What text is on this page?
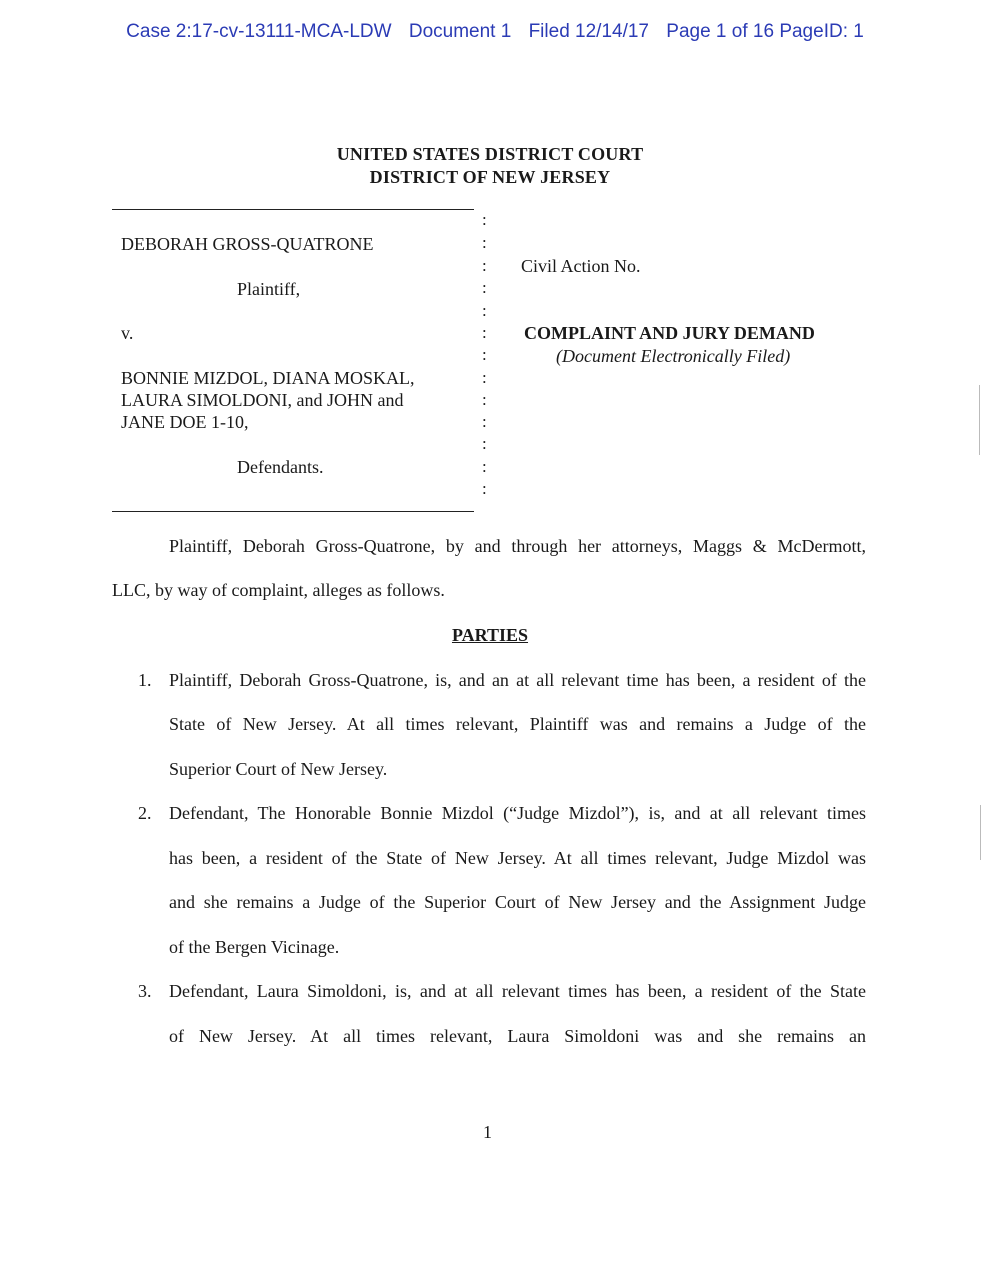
Case 2:17-cv-13111-MCA-LDW Document 1 Filed 12/14/17 Page 1 of 16 PageID: 1
UNITED STATES DISTRICT COURT
DISTRICT OF NEW JERSEY
DEBORAH GROSS-QUATRONE
Plaintiff,
v.
BONNIE MIZDOL, DIANA MOSKAL,
LAURA SIMOLDONI, and JOHN and
JANE DOE 1-10,
Defendants.
:
:
:
:
:
:
:
:
:
:
:
:
:
Civil Action No.
COMPLAINT AND JURY DEMAND
(Document Electronically Filed)
Plaintiff, Deborah Gross-Quatrone, by and through her attorneys, Maggs & McDermott,
LLC, by way of complaint, alleges as follows.
PARTIES
1. Plaintiff, Deborah Gross-Quatrone, is, and an at all relevant time has been, a resident of the
State of New Jersey. At all times relevant, Plaintiff was and remains a Judge of the
Superior Court of New Jersey.
2. Defendant, The Honorable Bonnie Mizdol (“Judge Mizdol”), is, and at all relevant times
has been, a resident of the State of New Jersey. At all times relevant, Judge Mizdol was
and she remains a Judge of the Superior Court of New Jersey and the Assignment Judge
of the Bergen Vicinage.
3. Defendant, Laura Simoldoni, is, and at all relevant times has been, a resident of the State
of New Jersey. At all times relevant, Laura Simoldoni was and she remains an
1
